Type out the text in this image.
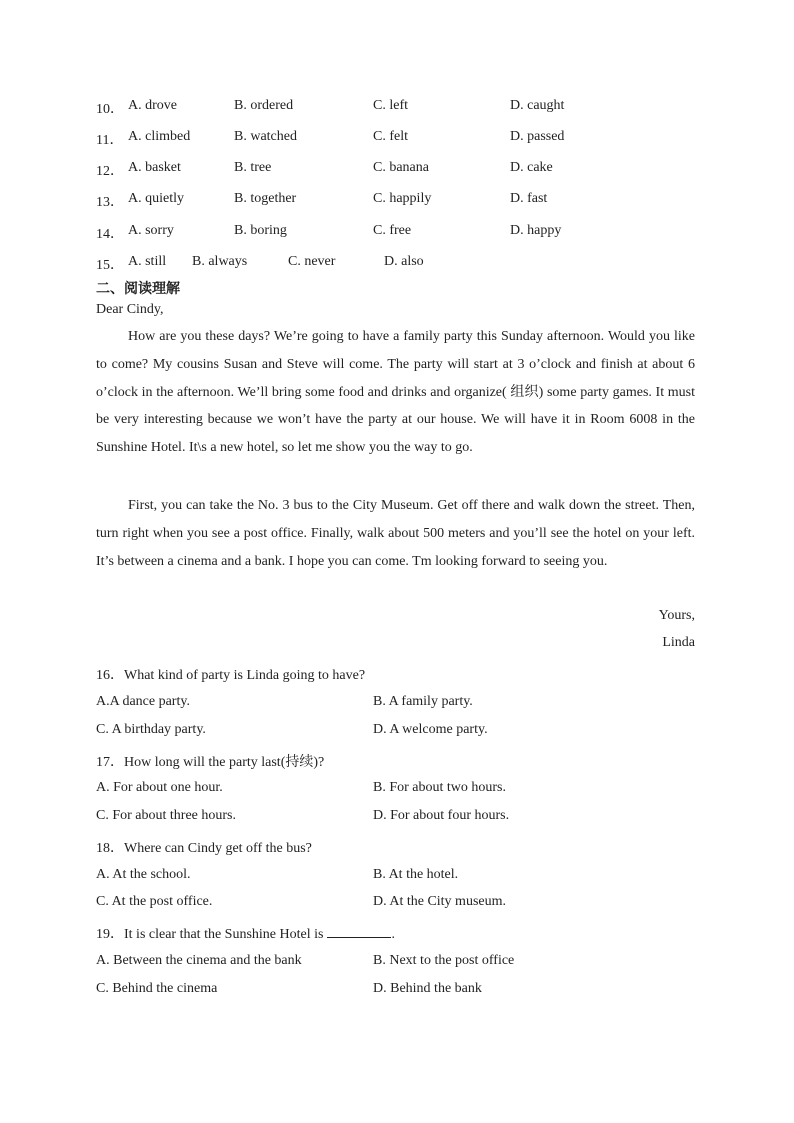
10． A. drove	B. ordered	C. left	D. caught
11． A. climbed	B. watched	C. felt	D. passed
12． A. basket	B. tree	C. banana	D. cake
13． A. quietly	B. together	C. happily	D. fast
14． A. sorry	B. boring	C. free	D. happy
15． A. still B. always	C. never	D. also
二、阅读理解
Dear Cindy,
How are you these days? We’re going to have a family party this Sunday afternoon. Would you like to come? My cousins Susan and Steve will come. The party will start at 3 o’clock and finish at about 6 o’clock in the afternoon. We’ll bring some food and drinks and organize( 组织) some party games. It must be very interesting because we won’t have the party at our house. We will have it in Room 6008 in the Sunshine Hotel. It\s a new hotel, so let me show you the way to go.
First, you can take the No. 3 bus to the City Museum. Get off there and walk down the street. Then, turn right when you see a post office. Finally, walk about 500 meters and you’ll see the hotel on your left. It’s between a cinema and a bank. I hope you can come. Tm looking forward to seeing you.
Yours,
Linda
16．What kind of party is Linda going to have?
A.A dance party.	B. A family party.
C. A birthday party.	D. A welcome party.
17．How long will the party last(持续)?
A. For about one hour.	B. For about two hours.
C. For about three hours.	D. For about four hours.
18．Where can Cindy get off the bus?
A. At the school.	B. At the hotel.
C. At the post office.	D. At the City museum.
19．It is clear that the Sunshine Hotel is	.
A. Between the cinema and the bank	B. Next to the post office
C. Behind the cinema	D. Behind the bank
